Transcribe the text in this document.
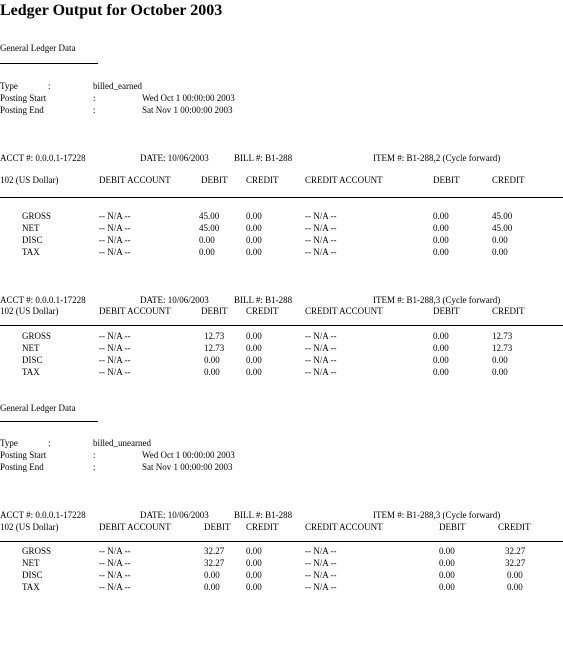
Ledger Output for October 2003
General Ledger Data
Type	:	billed_earned
Posting Start	:	Wed Oct 1 00:00:00 2003
Posting End	:	Sat Nov 1 00:00:00 2003
ACCT #: 0.0.0.1-17228	DATE: 10/06/2003	BILL #: B1-288	ITEM #: B1-288,2 (Cycle forward)
102 (US Dollar)	DEBIT ACCOUNT	DEBIT CREDIT	CREDIT ACCOUNT	DEBIT	CREDIT
GROSS	-- N/A --	45.00	0.00	-- N/A --	0.00	45.00
NET	-- N/A --	45.00	0.00	-- N/A --	0.00	45.00
DISC	-- N/A --	0.00	0.00	-- N/A --	0.00	0.00
TAX	-- N/A --	0.00	0.00	-- N/A --	0.00	0.00
ACCT #: 0.0.0.1-17228	DATE: 10/06/2003	BILL #: B1-288	ITEM #: B1-288,3 (Cycle forward)
102 (US Dollar)	DEBIT ACCOUNT	DEBIT CREDIT	CREDIT ACCOUNT	DEBIT	CREDIT
GROSS	-- N/A --	12.73 0.00	-- N/A --	0.00	12.73
NET	-- N/A --	12.73 0.00	-- N/A --	0.00	12.73
DISC	-- N/A --	0.00	0.00	-- N/A --	0.00	0.00
TAX	-- N/A --	0.00	0.00	-- N/A --	0.00	0.00
General Ledger Data
Type	:	billed_unearned
Posting Start	:	Wed Oct 1 00:00:00 2003
Posting End	:	Sat Nov 1 00:00:00 2003
ACCT #: 0.0.0.1-17228	DATE: 10/06/2003	BILL #: B1-288	ITEM #: B1-288,3 (Cycle forward)
102 (US Dollar)	DEBIT ACCOUNT	DEBIT CREDIT	CREDIT ACCOUNT	DEBIT	CREDIT
GROSS	-- N/A --	32.27 0.00	-- N/A --	0.00	32.27
NET	-- N/A --	32.27 0.00	-- N/A --	0.00	32.27
DISC	-- N/A --	0.00	0.00	-- N/A --	0.00	0.00
TAX	-- N/A --	0.00	0.00	-- N/A --	0.00	0.00
